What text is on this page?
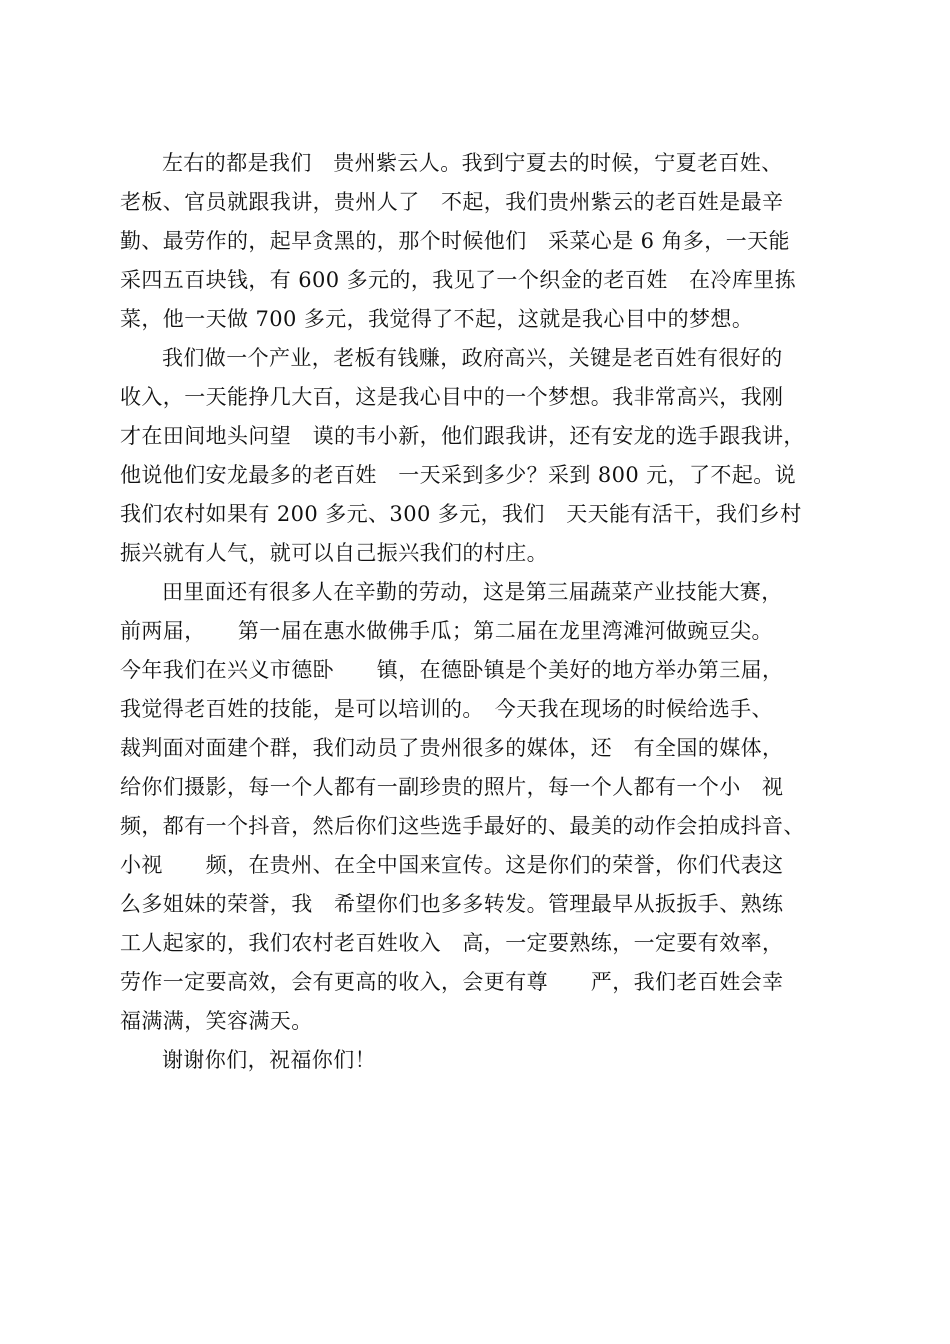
左右的都是我们　贵州紫云人。我到宁夏去的时候，宁夏老百姓、
老板、官员就跟我讲，贵州人了　不起，我们贵州紫云的老百姓是最辛
勤、最劳作的，起早贪黑的，那个时候他们　采菜心是 6 角多，一天能
采四五百块钱，有 600 多元的，我见了一个织金的老百姓　在冷库里拣
菜，他一天做 700 多元，我觉得了不起，这就是我心目中的梦想。
我们做一个产业，老板有钱赚，政府高兴，关键是老百姓有很好的
收入，一天能挣几大百，这是我心目中的一个梦想。我非常高兴，我刚
才在田间地头问望　谟的韦小新，他们跟我讲，还有安龙的选手跟我讲，
他说他们安龙最多的老百姓　一天采到多少？采到 800 元，了不起。说
我们农村如果有 200 多元、300 多元，我们　天天能有活干，我们乡村
振兴就有人气，就可以自己振兴我们的村庄。
田里面还有很多人在辛勤的劳动，这是第三届蔬菜产业技能大赛，
前两届，　　第一届在惠水做佛手瓜；第二届在龙里湾滩河做豌豆尖。
今年我们在兴义市德卧　　镇，在德卧镇是个美好的地方举办第三届，
我觉得老百姓的技能，是可以培训的。　今天我在现场的时候给选手、
裁判面对面建个群，我们动员了贵州很多的媒体，还　有全国的媒体，
给你们摄影，每一个人都有一副珍贵的照片，每一个人都有一个小　视
频，都有一个抖音，然后你们这些选手最好的、最美的动作会拍成抖音、
小视　　频，在贵州、在全中国来宣传。这是你们的荣誉，你们代表这
么多姐妹的荣誉，我　希望你们也多多转发。管理最早从扳扳手、熟练
工人起家的，我们农村老百姓收入　高，一定要熟练，一定要有效率，
劳作一定要高效，会有更高的收入，会更有尊　　严，我们老百姓会幸
福满满，笑容满天。
谢谢你们，祝福你们！
